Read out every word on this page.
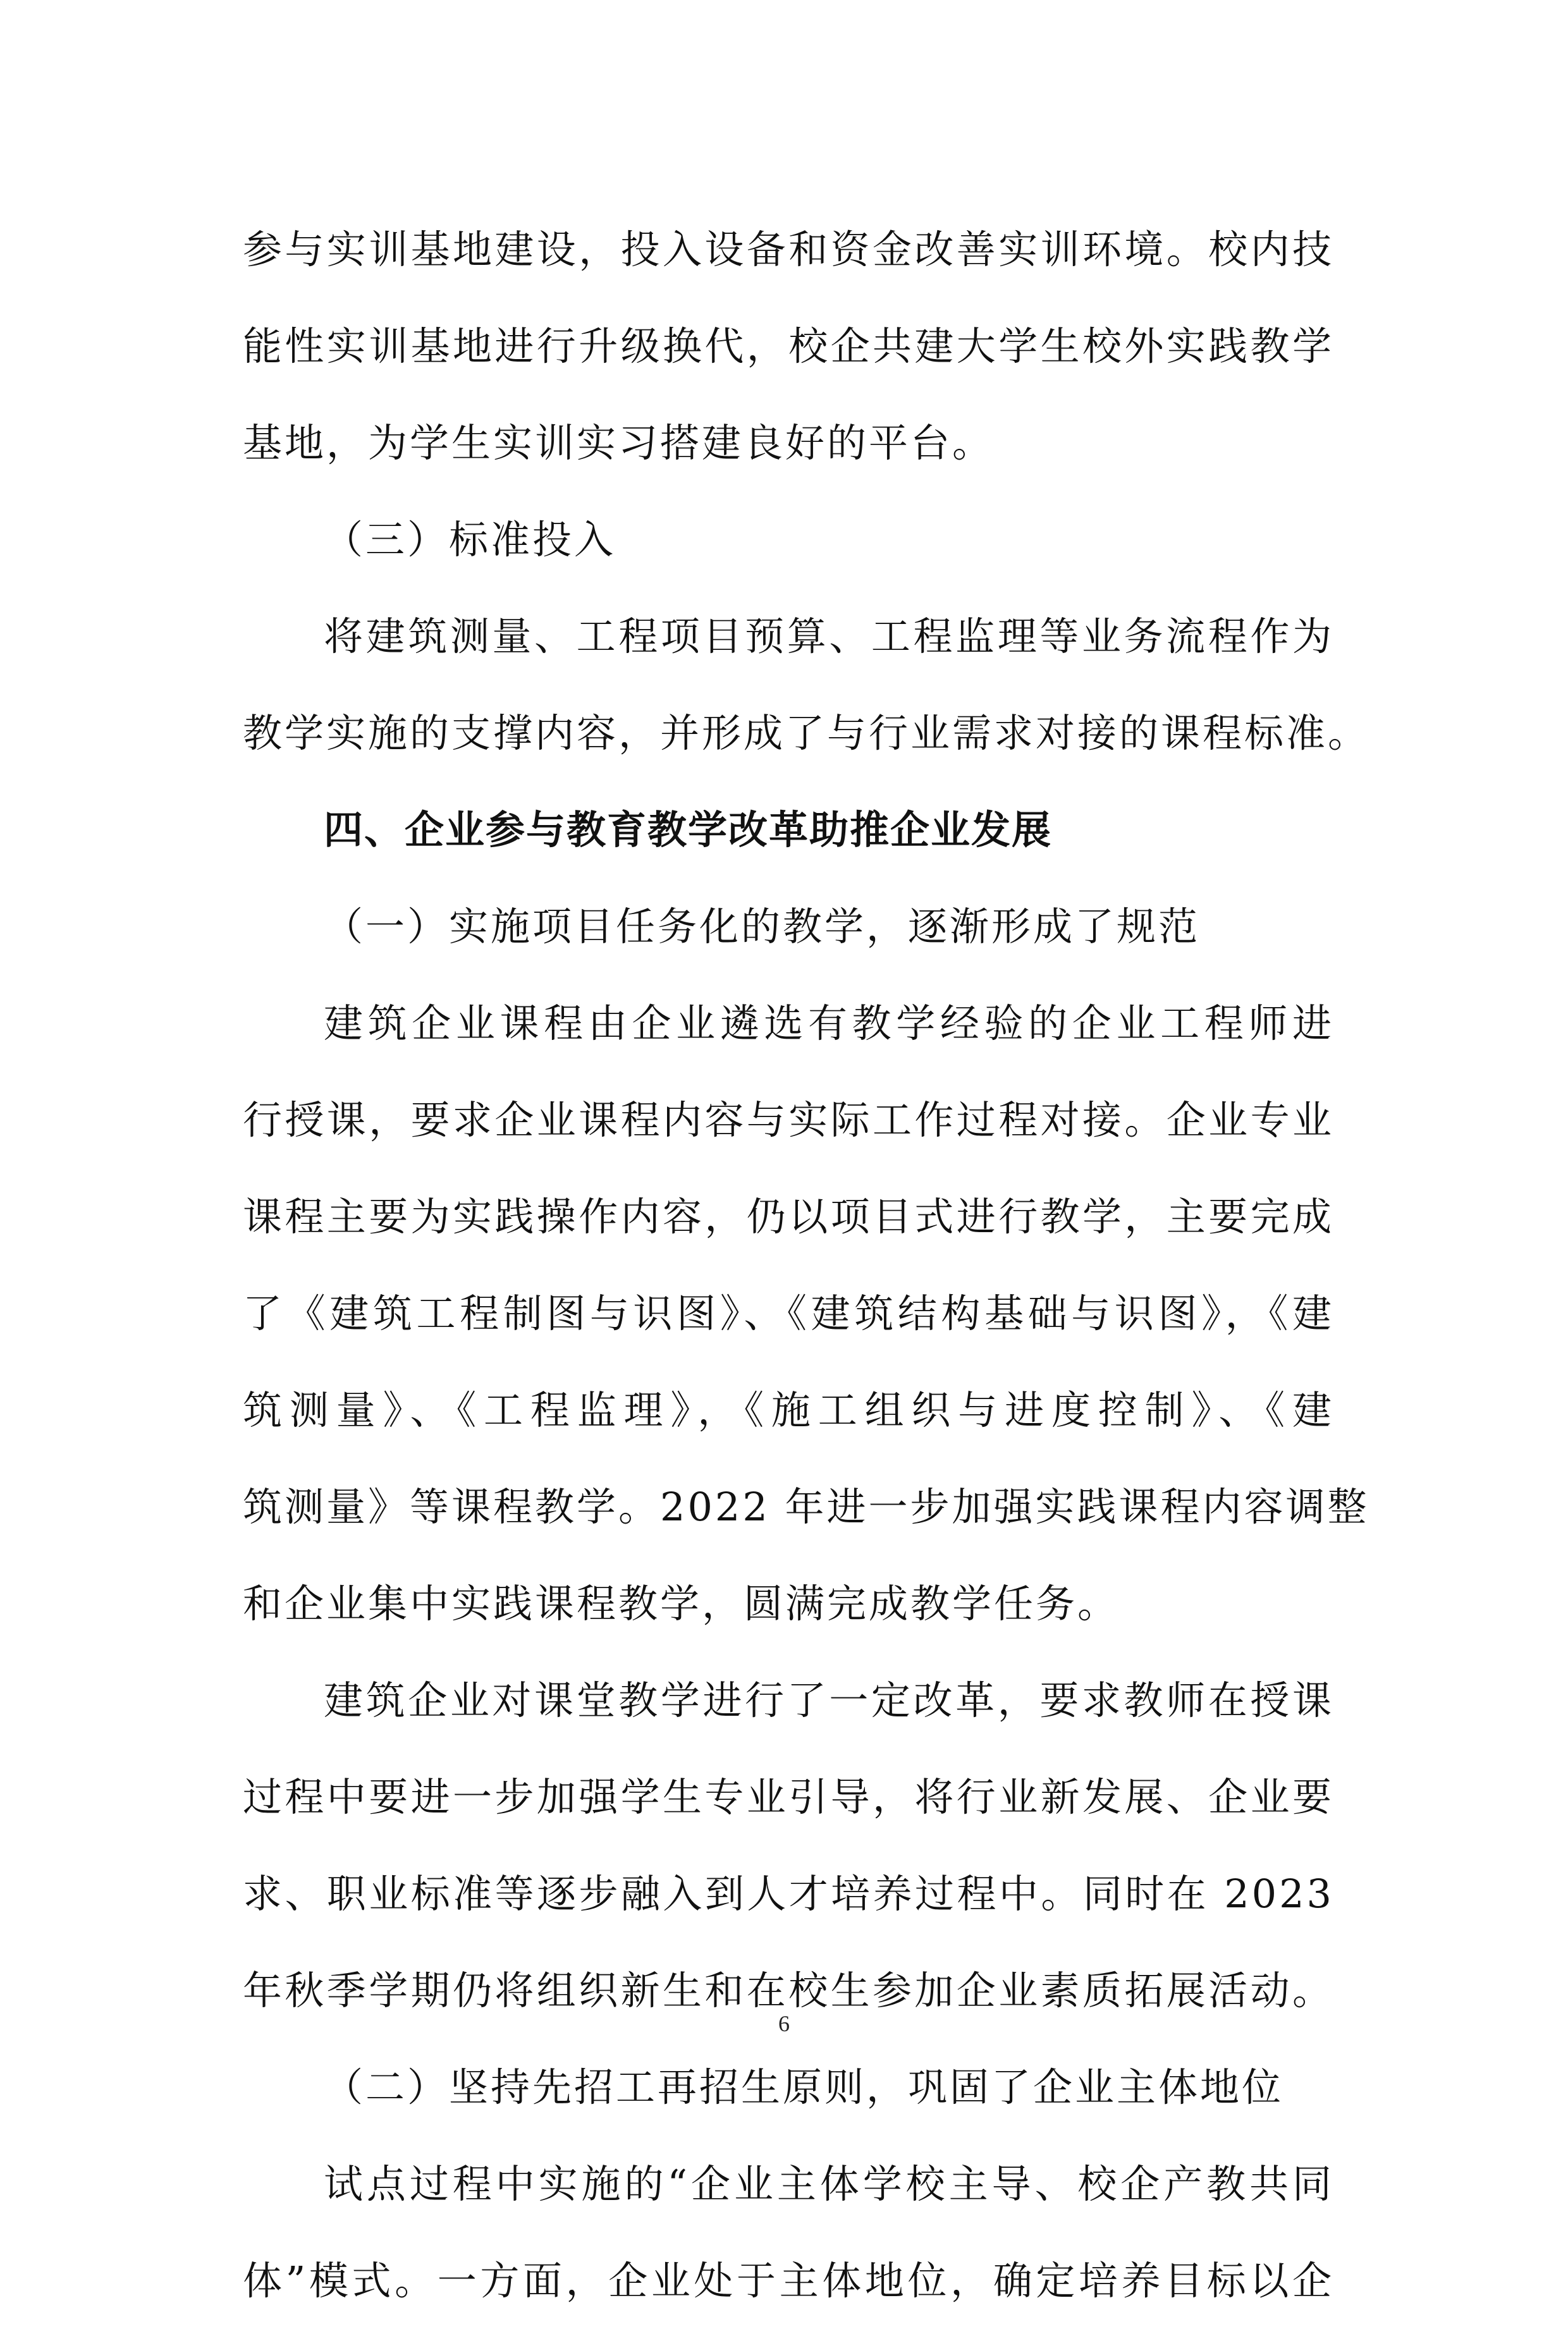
参与实训基地建设，投入设备和资金改善实训环境。校内技
能性实训基地进行升级换代，校企共建大学生校外实践教学
基地，为学生实训实习搭建良好的平台。
（三）标准投入
将建筑测量、工程项目预算、工程监理等业务流程作为
教学实施的支撑内容，并形成了与行业需求对接的课程标准。
四、企业参与教育教学改革助推企业发展
（一）实施项目任务化的教学，逐渐形成了规范
建筑企业课程由企业遴选有教学经验的企业工程师进
行授课，要求企业课程内容与实际工作过程对接。企业专业
课程主要为实践操作内容，仍以项目式进行教学，主要完成
了《建筑工程制图与识图》、《建筑结构基础与识图》，《建
筑测量》、《工程监理》，《施工组织与进度控制》、《建
筑测量》等课程教学。2022 年进一步加强实践课程内容调整
和企业集中实践课程教学，圆满完成教学任务。
建筑企业对课堂教学进行了一定改革，要求教师在授课
过程中要进一步加强学生专业引导，将行业新发展、企业要
求、职业标准等逐步融入到人才培养过程中。同时在 2023
年秋季学期仍将组织新生和在校生参加企业素质拓展活动。
（二）坚持先招工再招生原则，巩固了企业主体地位
试点过程中实施的“企业主体学校主导、校企产教共同
体”模式。一方面，企业处于主体地位，确定培养目标以企
6
